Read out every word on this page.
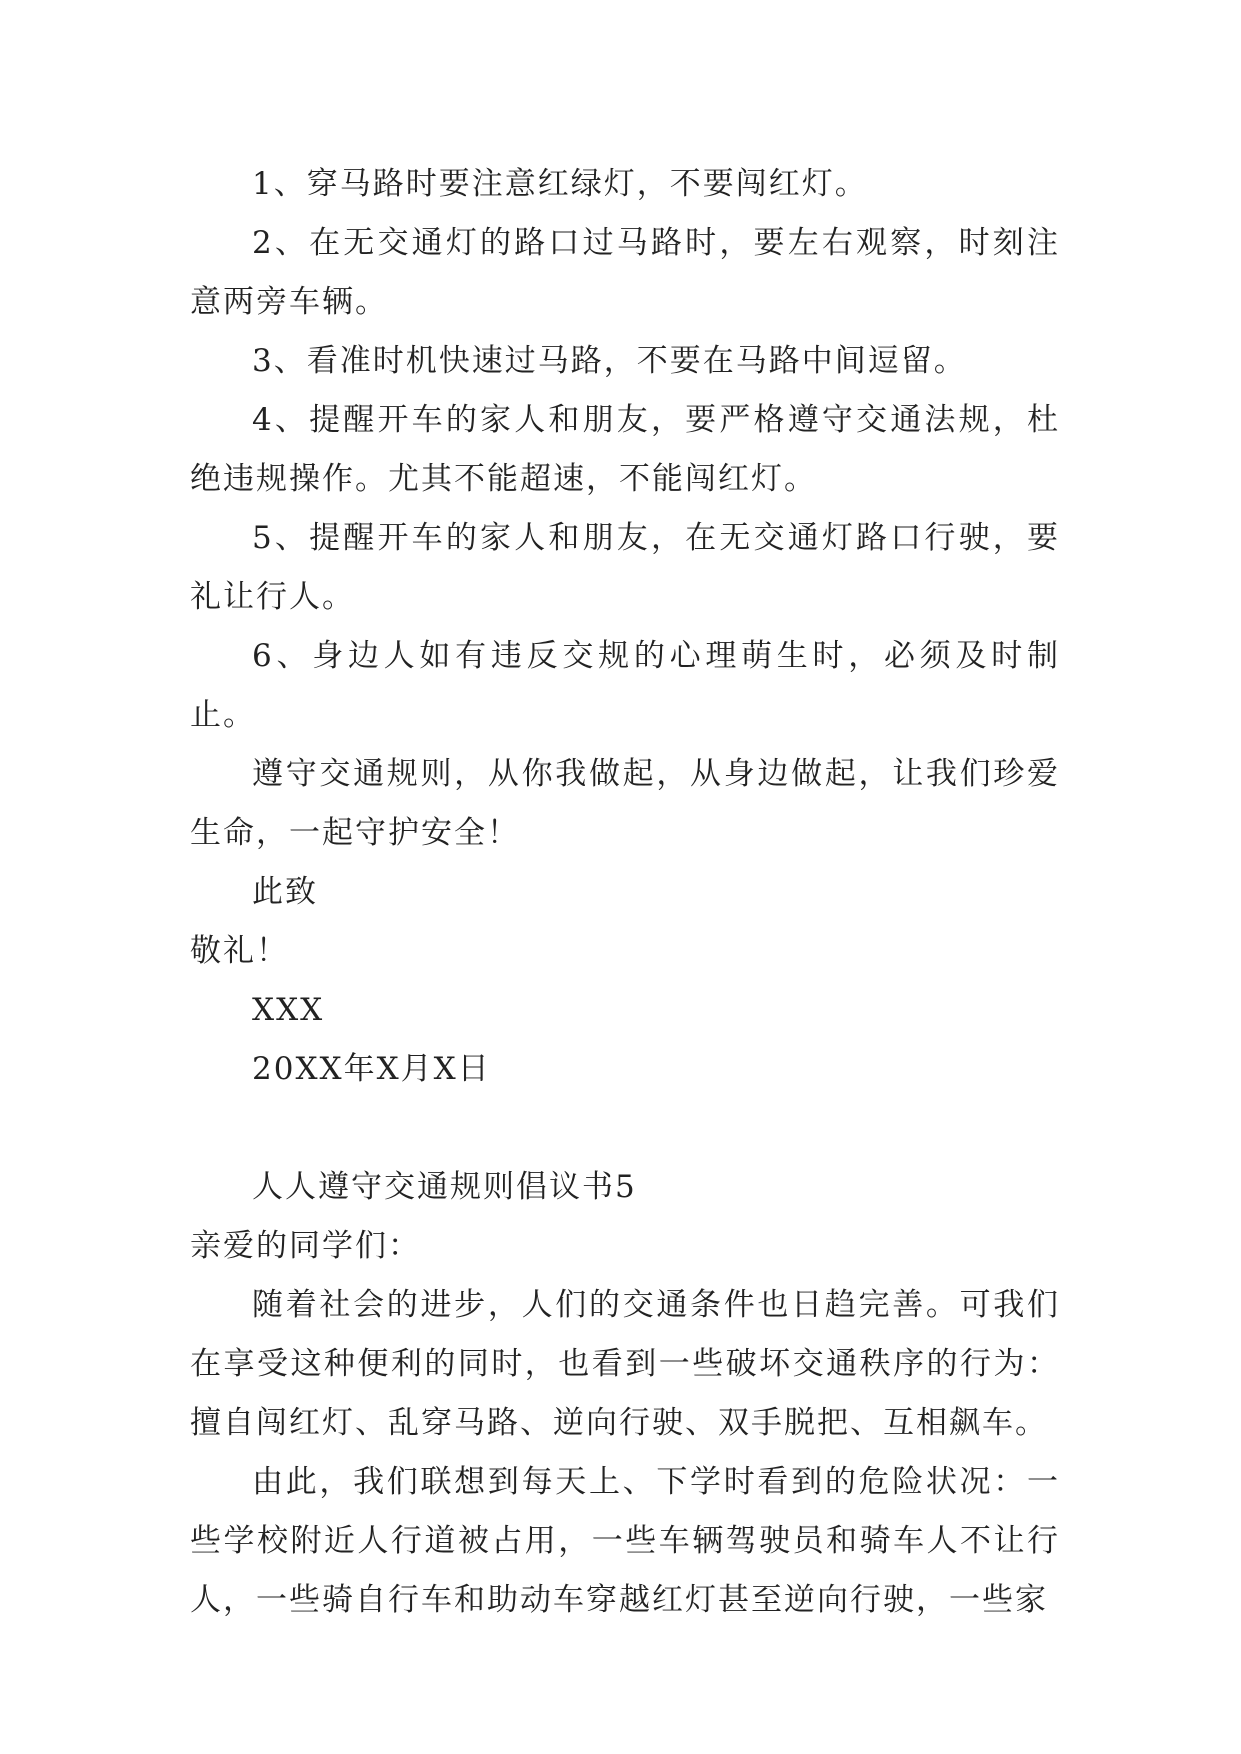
1、穿马路时要注意红绿灯，不要闯红灯。

2、在无交通灯的路口过马路时，要左右观察，时刻注意两旁车辆。

3、看准时机快速过马路，不要在马路中间逗留。

4、提醒开车的家人和朋友，要严格遵守交通法规，杜绝违规操作。尤其不能超速，不能闯红灯。

5、提醒开车的家人和朋友，在无交通灯路口行驶，要礼让行人。

6、身边人如有违反交规的心理萌生时，必须及时制止。

遵守交通规则，从你我做起，从身边做起，让我们珍爱生命，一起守护安全！

此致

敬礼！

XXX

20XX年X月X日

人人遵守交通规则倡议书5

亲爱的同学们：

随着社会的进步，人们的交通条件也日趋完善。可我们在享受这种便利的同时，也看到一些破坏交通秩序的行为：擅自闯红灯、乱穿马路、逆向行驶、双手脱把、互相飙车。

由此，我们联想到每天上、下学时看到的危险状况：一些学校附近人行道被占用，一些车辆驾驶员和骑车人不让行人，一些骑自行车和助动车穿越红灯甚至逆向行驶，一些家
